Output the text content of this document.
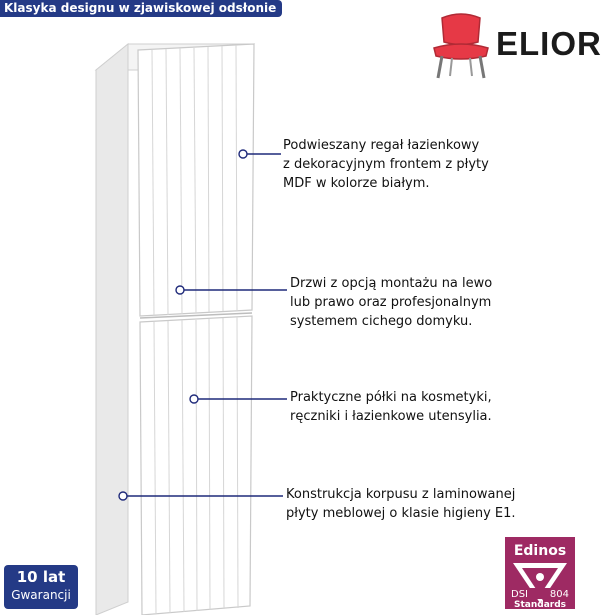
Klasyka designu w zjawiskowej odsłonie
ELIOR
Podwieszany regał łazienkowy
z dekoracyjnym frontem z płyty
MDF w kolorze białym.
Drzwi z opcją montażu na lewo
lub prawo oraz profesjonalnym
systemem cichego domyku.
Praktyczne półki na kosmetyki,
ręczniki i łazienkowe utensylia.
Konstrukcja korpusu z laminowanej
płyty meblowej o klasie higieny E1.
10 lat
Gwarancji
Edinos
DSI 804
Standards
